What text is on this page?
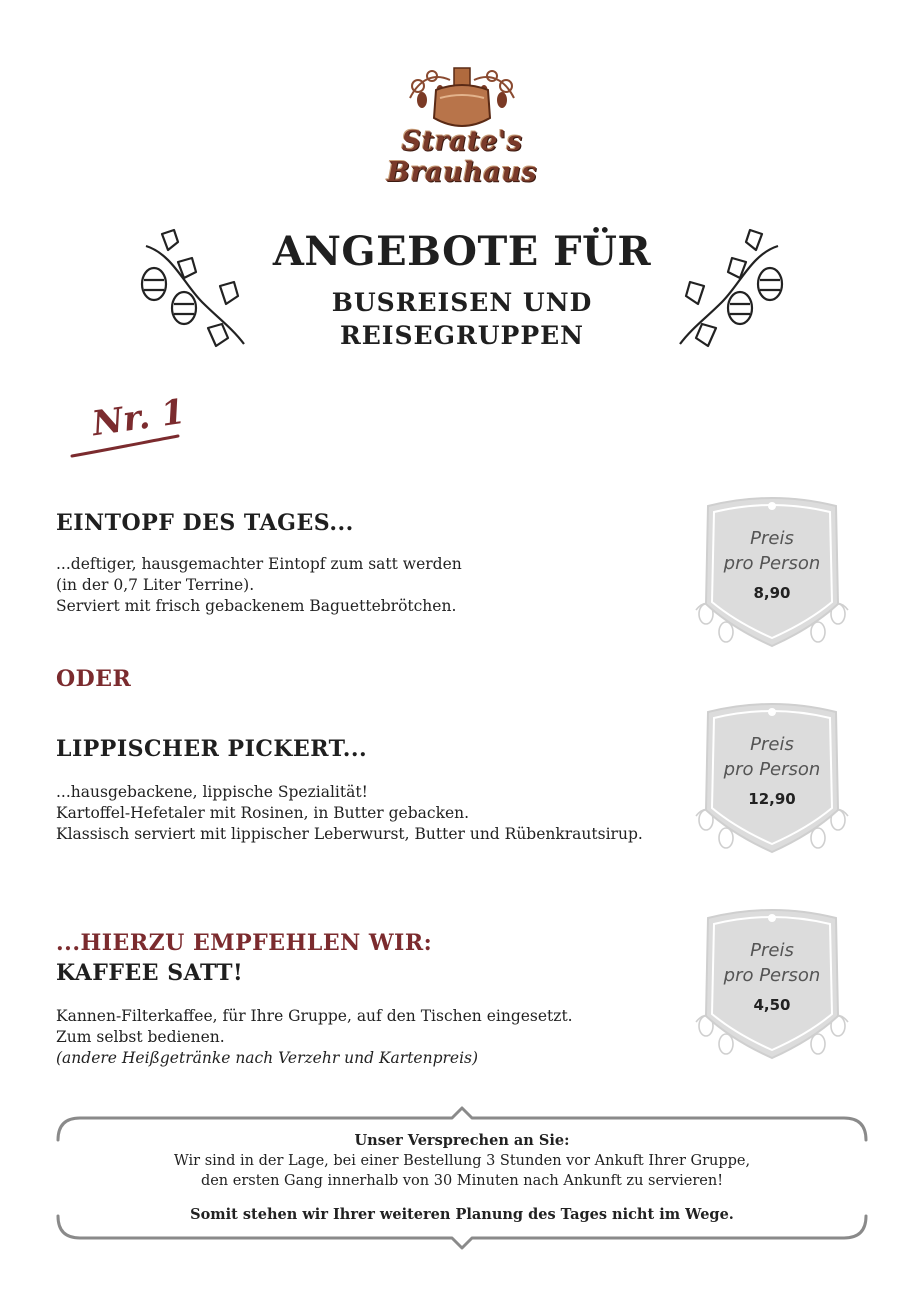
Strate's Brauhaus
ANGEBOTE FÜR
BUSREISEN UND
REISEGRUPPEN
Nr. 1
EINTOPF DES TAGES...
...deftiger, hausgemachter Eintopf zum satt werden
(in der 0,7 Liter Terrine).
Serviert mit frisch gebackenem Baguettebrötchen.
ODER
LIPPISCHER PICKERT...
...hausgebackene, lippische Spezialität!
Kartoffel-Hefetaler mit Rosinen, in Butter gebacken.
Klassisch serviert mit lippischer Leberwurst, Butter und Rübenkrautsirup.
...HIERZU EMPFEHLEN WIR:
KAFFEE SATT!
Kannen-Filterkaffee, für Ihre Gruppe, auf den Tischen eingesetzt.
Zum selbst bedienen.
(andere Heißgetränke nach Verzehr und Kartenpreis)
Preis
pro Person
8,90
Preis
pro Person
12,90
Preis
pro Person
4,50
Unser Versprechen an Sie:
Wir sind in der Lage, bei einer Bestellung 3 Stunden vor Ankuft Ihrer Gruppe,
den ersten Gang innerhalb von 30 Minuten nach Ankunft zu servieren!
Somit stehen wir Ihrer weiteren Planung des Tages nicht im Wege.
